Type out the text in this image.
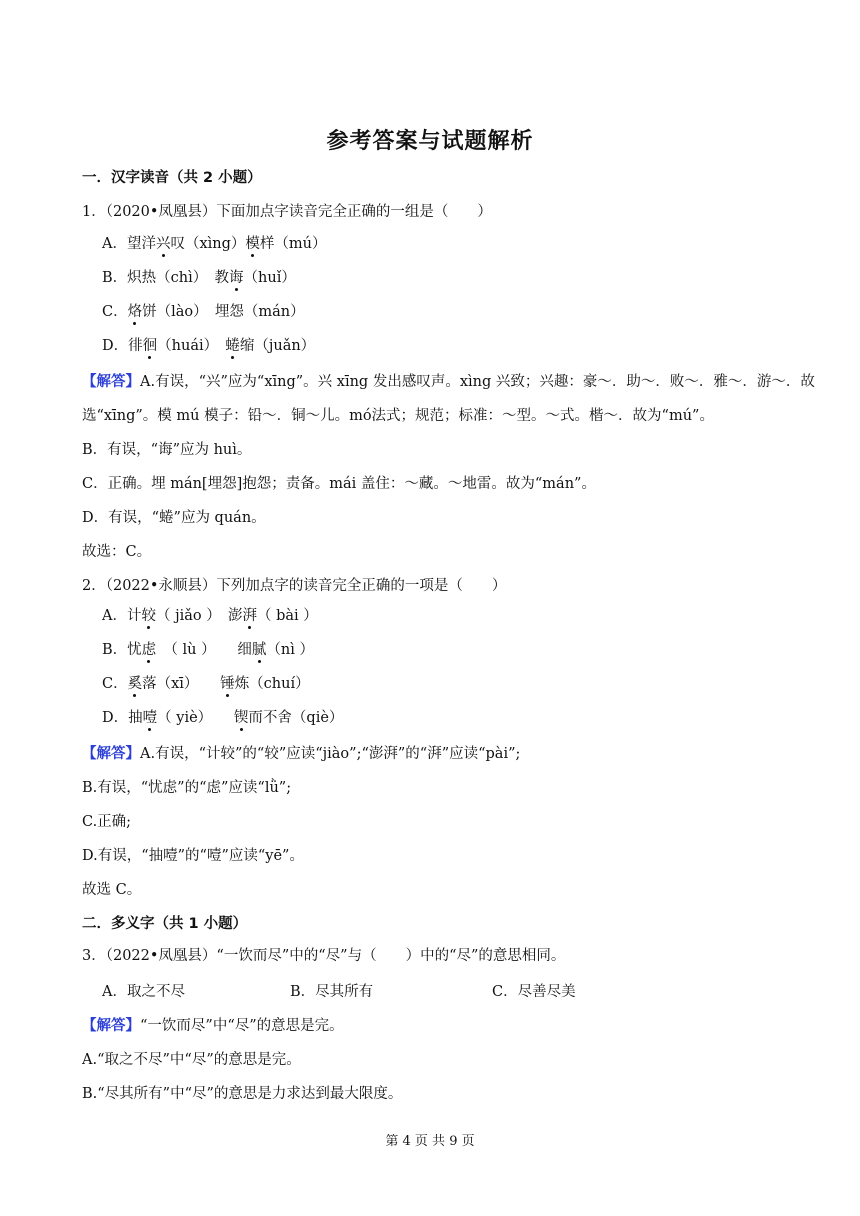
参考答案与试题解析
一．汉字读音（共 2 小题）
1．（2020•凤凰县）下面加点字读音完全正确的一组是（　　）
A．望洋兴叹（xìng）模样（mú）
B．炽热（chì）　教诲（huǐ）
C．烙饼（lào）　埋怨（mán）
D．徘徊（huái）　蜷缩（juǎn）
【解答】A.有误，“兴”应为“xīng”。兴 xīng 发出感叹声。xìng 兴致；兴趣：豪～．助～．败～．雅～．游～．故
选“xīng”。模 mú 模子：铅～．铜～儿。mó法式；规范；标准：～型。～式。楷～．故为“mú”。
B．有误，“诲”应为 huì。
C．正确。埋 mán[埋怨]抱怨；责备。mái 盖住：～藏。～地雷。故为“mán”。
D．有误，“蜷”应为 quán。
故选：C。
2．（2022•永顺县）下列加点字的读音完全正确的一项是（　　）
A．计较（ jiǎo ）　澎湃（ bài ）
B．忧虑　（ lù ）　　细腻（nì ）
C．奚落（xī）　　锤炼（chuí）
D．抽噎（ yiè）　　锲而不舍（qiè）
【解答】A.有误，“计较”的“较”应读“jiào”;“澎湃”的“湃”应读“pài”;
B.有误，“忧虑”的“虑”应读“lǜ”;
C.正确;
D.有误，“抽噎”的“噎”应读“yē”。
故选 C。
二．多义字（共 1 小题）
3．（2022•凤凰县）“一饮而尽”中的“尽”与（　　）中的“尽”的意思相同。
A．取之不尽	B．尽其所有	C．尽善尽美
【解答】“一饮而尽”中“尽”的意思是完。
A.“取之不尽”中“尽”的意思是完。
B.“尽其所有”中“尽”的意思是力求达到最大限度。
第 4 页 共 9 页
